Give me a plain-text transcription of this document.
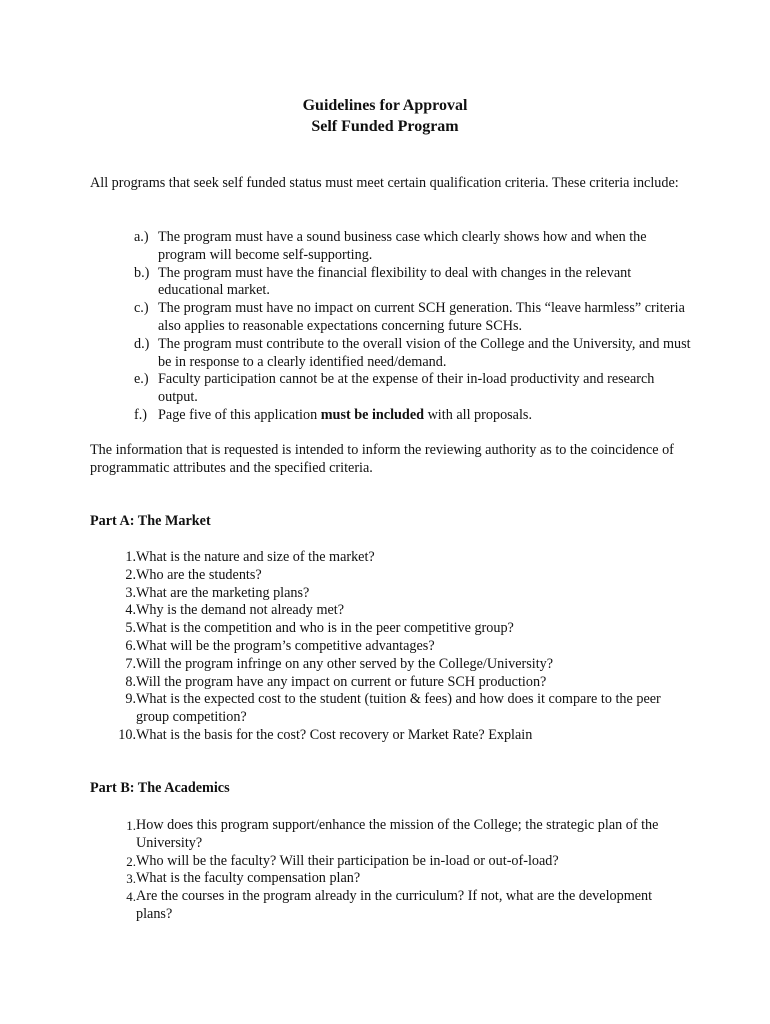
Guidelines for Approval
Self Funded Program
All programs that seek self funded status must meet certain qualification criteria. These criteria include:
a.) The program must have a sound business case which clearly shows how and when the program will become self-supporting.
b.) The program must have the financial flexibility to deal with changes in the relevant educational market.
c.) The program must have no impact on current SCH generation. This “leave harmless” criteria also applies to reasonable expectations concerning future SCHs.
d.) The program must contribute to the overall vision of the College and the University, and must be in response to a clearly identified need/demand.
e.) Faculty participation cannot be at the expense of their in-load productivity and research output.
f.) Page five of this application must be included with all proposals.
The information that is requested is intended to inform the reviewing authority as to the coincidence of programmatic attributes and the specified criteria.
Part A: The Market
1. What is the nature and size of the market?
2. Who are the students?
3. What are the marketing plans?
4. Why is the demand not already met?
5. What is the competition and who is in the peer competitive group?
6. What will be the program’s competitive advantages?
7. Will the program infringe on any other served by the College/University?
8. Will the program have any impact on current or future SCH production?
9. What is the expected cost to the student (tuition & fees) and how does it compare to the peer group competition?
10. What is the basis for the cost? Cost recovery or Market Rate? Explain
Part B: The Academics
1. How does this program support/enhance the mission of the College; the strategic plan of the University?
2. Who will be the faculty? Will their participation be in-load or out-of-load?
3. What is the faculty compensation plan?
4. Are the courses in the program already in the curriculum? If not, what are the development plans?
